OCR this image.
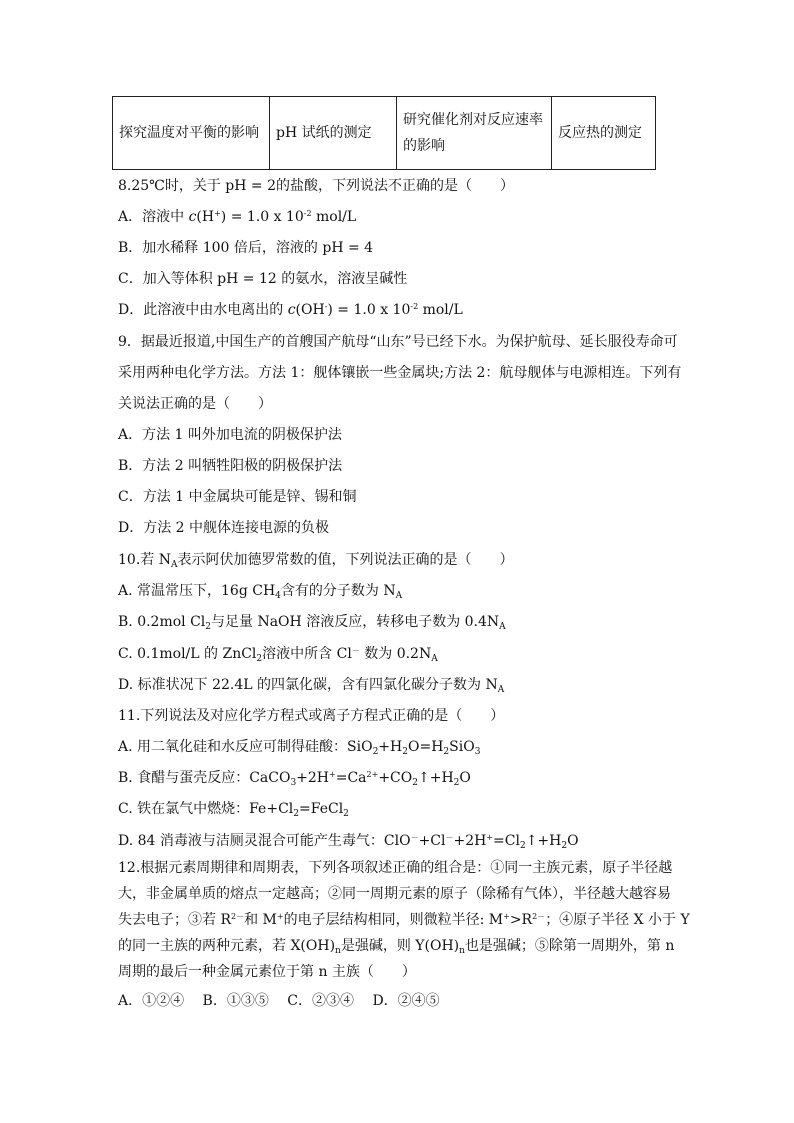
探究温度对平衡的影响	pH 试纸的测定	研究催化剂对反应速率的影响	反应热的测定
8.25℃时，关于 pH = 2的盐酸，下列说法不正确的是（　　）
A．溶液中 c(H+) = 1.0 x $10^{-2}$ mol/L
B．加水稀释 100 倍后，溶液的 pH = 4
C．加入等体积 pH = 12 的氨水，溶液呈碱性
D．此溶液中由水电离出的 c(OH-) = 1.0 x $10^{-2}$ mol/L
9．据最近报道,中国生产的首艘国产航母“山东”号已经下水。为保护航母、延长服役寿命可
采用两种电化学方法。方法 1：舰体镶嵌一些金属块;方法 2：航母舰体与电源相连。下列有
关说法正确的是（　　）
A．方法 1 叫外加电流的阴极保护法
B．方法 2 叫牺牲阳极的阴极保护法
C．方法 1 中金属块可能是锌、锡和铜
D．方法 2 中舰体连接电源的负极
10.若 $N_A$表示阿伏加德罗常数的值，下列说法正确的是（　　）
A. 常温常压下，16g $CH_4$含有的分子数为 $N_A$
B. 0.2mol $Cl_2$与足量 NaOH 溶液反应，转移电子数为 $0.4N_A$
C. 0.1mol/L 的 ZnCl$_2$溶液中所含 Cl－ 数为 $0.2N_A$
D. 标准状况下 22.4L 的四氯化碳，含有四氯化碳分子数为 $N_A$
11.下列说法及对应化学方程式或离子方程式正确的是（　　）
A. 用二氧化硅和水反应可制得硅酸：$SiO_2+H_2O=H_2SiO_3$
B. 食醋与蛋壳反应：$CaCO_3+2H^+=Ca^{2+}+CO_2↑+H_2O$
C. 铁在氯气中燃烧：$Fe+Cl_2=FeCl_2$
D. 84 消毒液与洁厕灵混合可能产生毒气：$ClO^-+Cl^-+2H^+=Cl_2↑+H_2O$
12.根据元素周期律和周期表，下列各项叙述正确的组合是：①同一主族元素，原子半径越
大，非金属单质的熔点一定越高；②同一周期元素的原子（除稀有气体），半径越大越容易
失去电子；③若 $R^{2-}$和 M+的电子层结构相同，则微粒半径: $M^+>R^{2-}$；④原子半径 X 小于 Y
的同一主族的两种元素，若 $X(OH)_n$是强碱，则 $Y(OH)_n$也是强碱；⑤除第一周期外，第 n
周期的最后一种金属元素位于第 n 主族（　　）
A．①②④　 B．①③⑤　 C．②③④　 D．②④⑤
